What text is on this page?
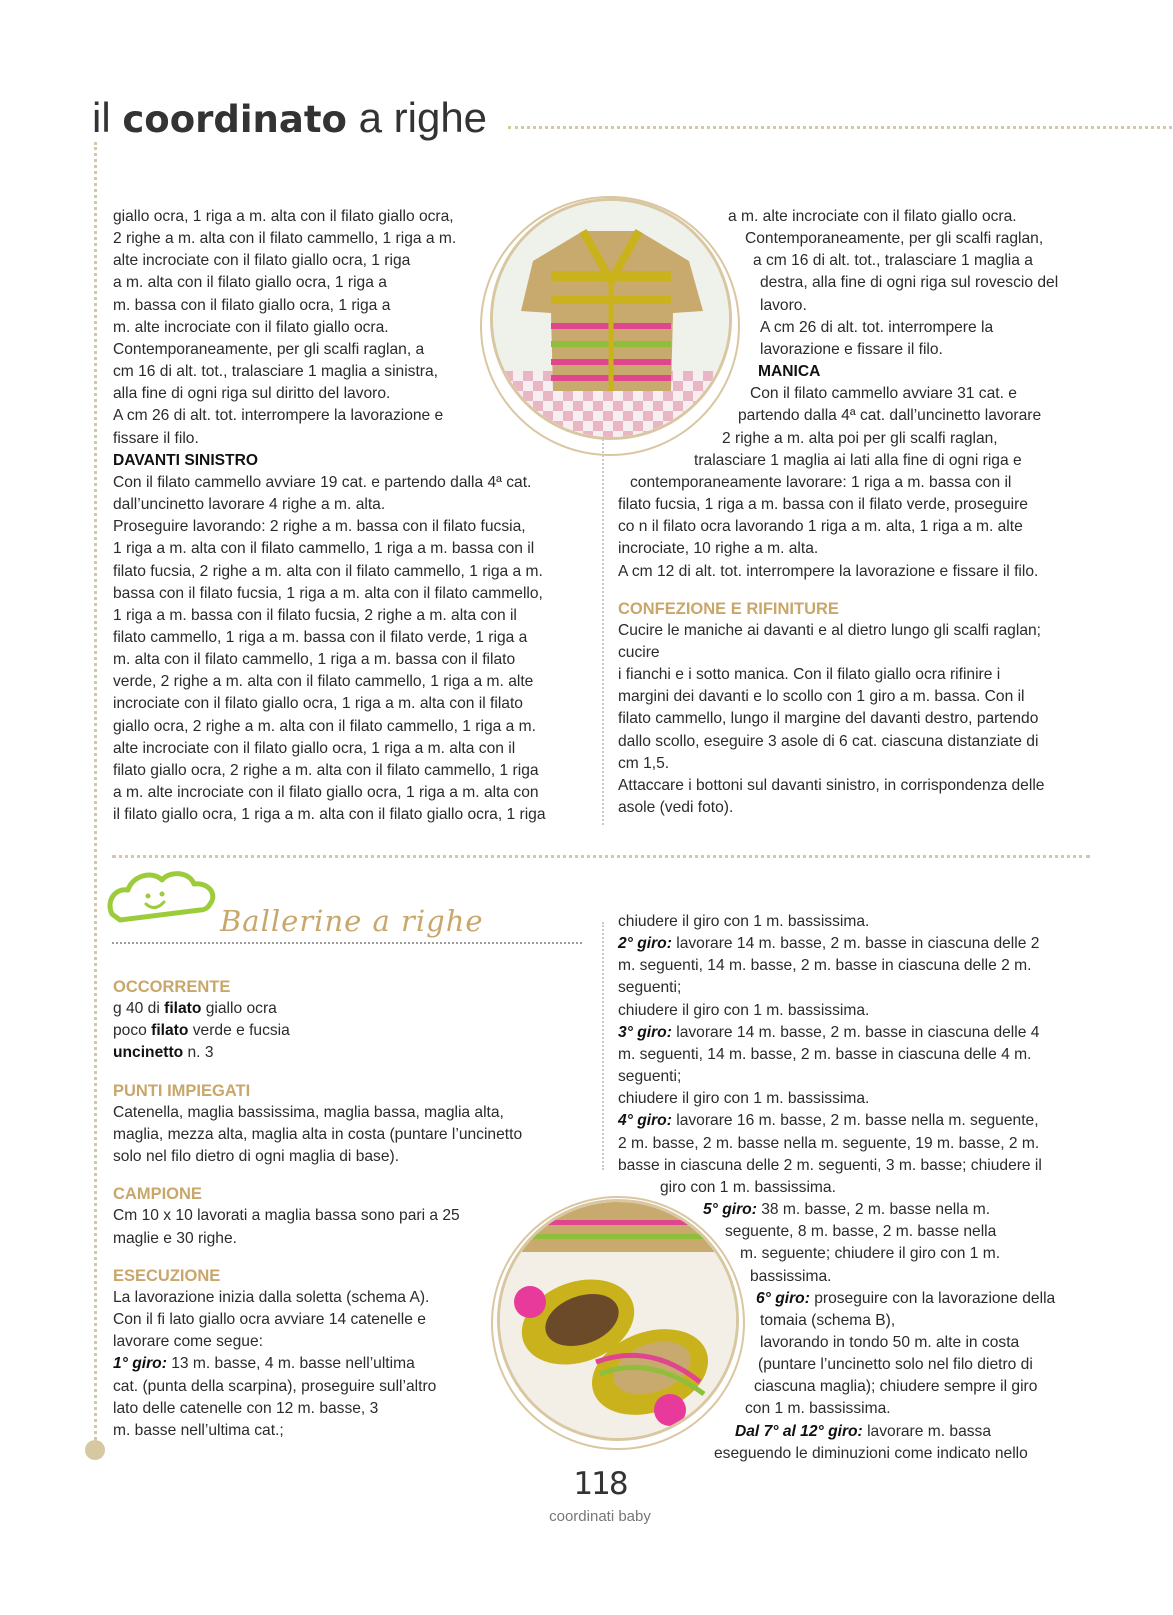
il coordinato a righe
giallo ocra, 1 riga a m. alta con il filato giallo ocra,
2 righe a m. alta con il filato cammello, 1 riga a m.
alte incrociate con il filato giallo ocra, 1 riga
a m. alta con il filato giallo ocra, 1 riga a
m. bassa con il filato giallo ocra, 1 riga a
m. alte incrociate con il filato giallo ocra.
Contemporaneamente, per gli scalfi raglan, a
cm 16 di alt. tot., tralasciare 1 maglia a sinistra,
alla fine di ogni riga sul diritto del lavoro.
A cm 26 di alt. tot. interrompere la lavorazione e
fissare il filo.
DAVANTI SINISTRO
Con il filato cammello avviare 19 cat. e partendo dalla 4ª cat.
dall’uncinetto lavorare 4 righe a m. alta.
Proseguire lavorando: 2 righe a m. bassa con il filato fucsia,
1 riga a m. alta con il filato cammello, 1 riga a m. bassa con il
filato fucsia, 2 righe a m. alta con il filato cammello, 1 riga a m.
bassa con il filato fucsia, 1 riga a m. alta con il filato cammello,
1 riga a m. bassa con il filato fucsia, 2 righe a m. alta con il
filato cammello, 1 riga a m. bassa con il filato verde, 1 riga a
m. alta con il filato cammello, 1 riga a m. bassa con il filato
verde, 2 righe a m. alta con il filato cammello, 1 riga a m. alte
incrociate con il filato giallo ocra, 1 riga a m. alta con il filato
giallo ocra, 2 righe a m. alta con il filato cammello, 1 riga a m.
alte incrociate con il filato giallo ocra, 1 riga a m. alta con il
filato giallo ocra, 2 righe a m. alta con il filato cammello, 1 riga
a m. alte incrociate con il filato giallo ocra, 1 riga a m. alta con
il filato giallo ocra, 1 riga a m. alta con il filato giallo ocra, 1 riga
a m. alte incrociate con il filato giallo ocra.
Contemporaneamente, per gli scalfi raglan,
a cm 16 di alt. tot., tralasciare 1 maglia a
destra, alla fine di ogni riga sul rovescio del
lavoro.
A cm 26 di alt. tot. interrompere la
lavorazione e fissare il filo.
MANICA
Con il filato cammello avviare 31 cat. e
partendo dalla 4ª cat. dall’uncinetto lavorare
2 righe a m. alta poi per gli scalfi raglan,
tralasciare 1 maglia ai lati alla fine di ogni riga e
contemporaneamente lavorare: 1 riga a m. bassa con il
filato fucsia, 1 riga a m. bassa con il filato verde, proseguire
co n il filato ocra lavorando 1 riga a m. alta, 1 riga a m. alte
incrociate, 10 righe a m. alta.
A cm 12 di alt. tot. interrompere la lavorazione e fissare il filo.
CONFEZIONE E RIFINITURE
Cucire le maniche ai davanti e al dietro lungo gli scalfi raglan;
cucire
i fianchi e i sotto manica. Con il filato giallo ocra rifinire i
margini dei davanti e lo scollo con 1 giro a m. bassa. Con il
filato cammello, lungo il margine del davanti destro, partendo
dallo scollo, eseguire 3 asole di 6 cat. ciascuna distanziate di
cm 1,5.
Attaccare i bottoni sul davanti sinistro, in corrispondenza delle
asole (vedi foto).
Ballerine a righe
OCCORRENTE
g 40 di filato giallo ocra
poco filato verde e fucsia
uncinetto n. 3
PUNTI IMPIEGATI
Catenella, maglia bassissima, maglia bassa, maglia alta,
maglia, mezza alta, maglia alta in costa (puntare l’uncinetto
solo nel filo dietro di ogni maglia di base).
CAMPIONE
Cm 10 x 10 lavorati a maglia bassa sono pari a 25
maglie e 30 righe.
ESECUZIONE
La lavorazione inizia dalla soletta (schema A).
Con il fi lato giallo ocra avviare 14 catenelle e
lavorare come segue:
1° giro: 13 m. basse, 4 m. basse nell’ultima
cat. (punta della scarpina), proseguire sull’altro
lato delle catenelle con 12 m. basse, 3
m. basse nell’ultima cat.;
chiudere il giro con 1 m. bassissima.
2° giro: lavorare 14 m. basse, 2 m. basse in ciascuna delle 2
m. seguenti, 14 m. basse, 2 m. basse in ciascuna delle 2 m.
seguenti;
chiudere il giro con 1 m. bassissima.
3° giro: lavorare 14 m. basse, 2 m. basse in ciascuna delle 4
m. seguenti, 14 m. basse, 2 m. basse in ciascuna delle 4 m.
seguenti;
chiudere il giro con 1 m. bassissima.
4° giro: lavorare 16 m. basse, 2 m. basse nella m. seguente,
2 m. basse, 2 m. basse nella m. seguente, 19 m. basse, 2 m.
basse in ciascuna delle 2 m. seguenti, 3 m. basse; chiudere il
giro con 1 m. bassissima.
5° giro: 38 m. basse, 2 m. basse nella m.
seguente, 8 m. basse, 2 m. basse nella
m. seguente; chiudere il giro con 1 m.
bassissima.
6° giro: proseguire con la lavorazione della
tomaia (schema B),
lavorando in tondo 50 m. alte in costa
(puntare l’uncinetto solo nel filo dietro di
ciascuna maglia); chiudere sempre il giro
con 1 m. bassissima.
Dal 7° al 12° giro: lavorare m. bassa
eseguendo le diminuzioni come indicato nello

118

coordinati baby
